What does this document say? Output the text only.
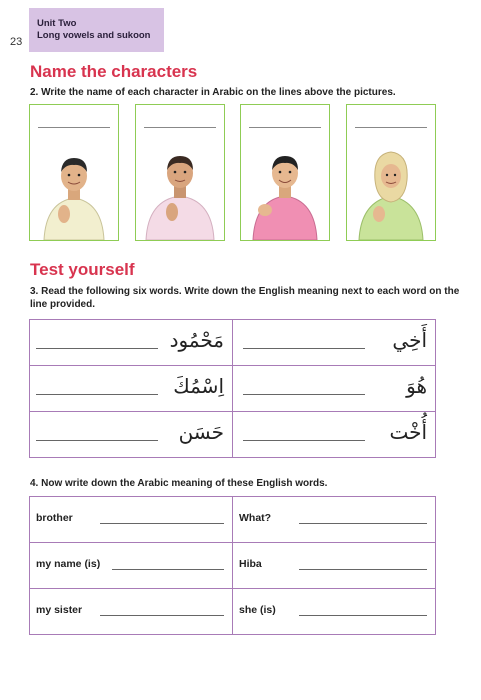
23
Unit Two
Long vowels and sukoon
Name the characters
2. Write the name of each character in Arabic on the lines above the pictures.
Test yourself
3. Read the following six words. Write down the English meaning next to each word on the line provided.
مَحْمُود	أَخِي

اِسْمُكَ	هُوَ

حَسَن	أُخْت
4. Now write down the Arabic meaning of these English words.
brother	What?

my name (is)	Hiba

my sister	she (is)
